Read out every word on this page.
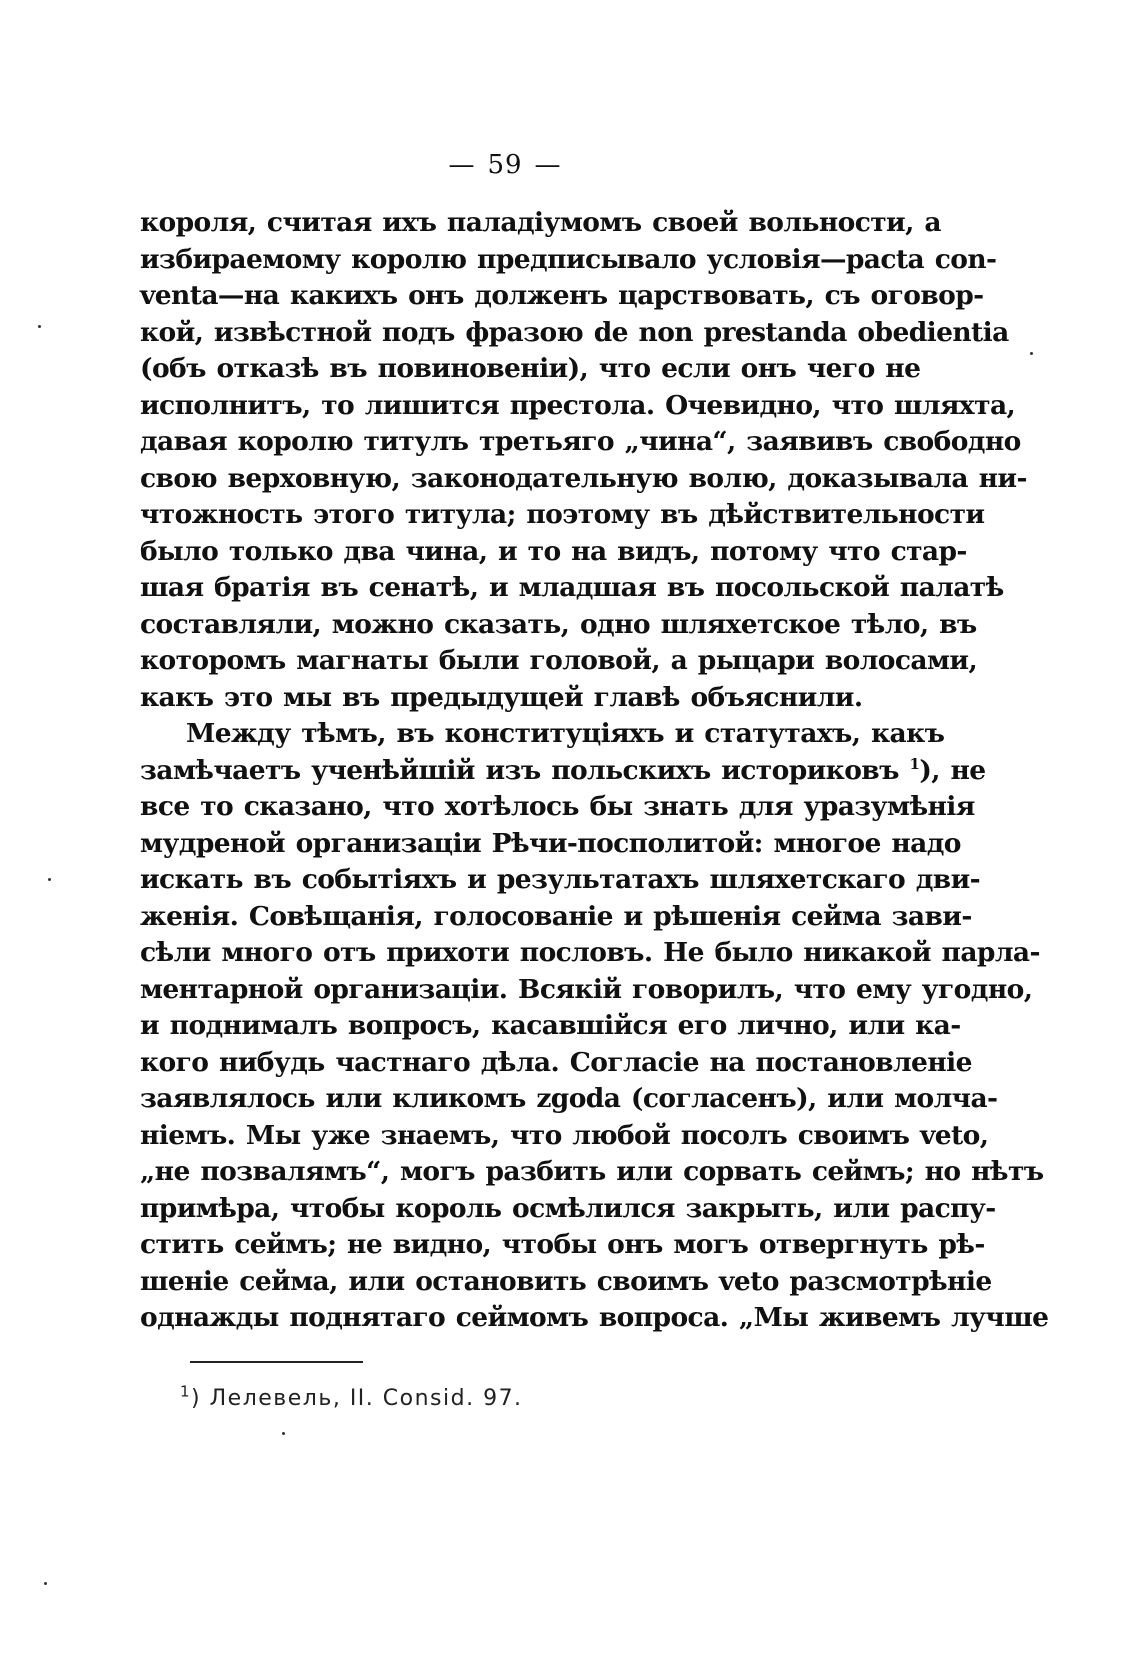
— 59 —
короля, считая ихъ паладіумомъ своей вольности, а
избираемому королю предписывало условія—pacta con-
venta—на какихъ онъ долженъ царствовать, съ оговор-
кой, извѣстной подъ фразою de non prestanda obedientia
(объ отказѣ въ повиновеніи), что если онъ чего не
исполнитъ, то лишится престола. Очевидно, что шляхта,
давая королю титулъ третьяго „чина“, заявивъ свободно
свою верховную, законодательную волю, доказывала ни-
чтожность этого титула; поэтому въ дѣйствительности
было только два чина, и то на видъ, потому что стар-
шая братія въ сенатѣ, и младшая въ посольской палатѣ
составляли, можно сказать, одно шляхетское тѣло, въ
которомъ магнаты были головой, а рыцари волосами,
какъ это мы въ предыдущей главѣ объяснили.
Между тѣмъ, въ конституціяхъ и статутахъ, какъ
замѣчаетъ ученѣйшій изъ польскихъ историковъ $^1$), не
все то сказано, что хотѣлось бы знать для уразумѣнія
мудреной организаціи Рѣчи-посполитой: многое надо
искать въ событіяхъ и результатахъ шляхетскаго дви-
женія. Совѣщанія, голосованіе и рѣшенія сейма зави-
сѣли много отъ прихоти пословъ. Не было никакой парла-
ментарной организаціи. Всякій говорилъ, что ему угодно,
и поднималъ вопросъ, касавшійся его лично, или ка-
кого нибудь частнаго дѣла. Согласіе на постановленіе
заявлялось или кликомъ zgoda (согласенъ), или молча-
ніемъ. Мы уже знаемъ, что любой посолъ своимъ veto,
„не позвалямъ“, могъ разбить или сорвать сеймъ; но нѣтъ
примѣра, чтобы король осмѣлился закрыть, или распу-
стить сеймъ; не видно, чтобы онъ могъ отвергнуть рѣ-
шеніе сейма, или остановить своимъ veto разсмотрѣніе
однажды поднятаго сеймомъ вопроса. „Мы живемъ лучше
$^1$) Лелевель, II. Consid. 97.
